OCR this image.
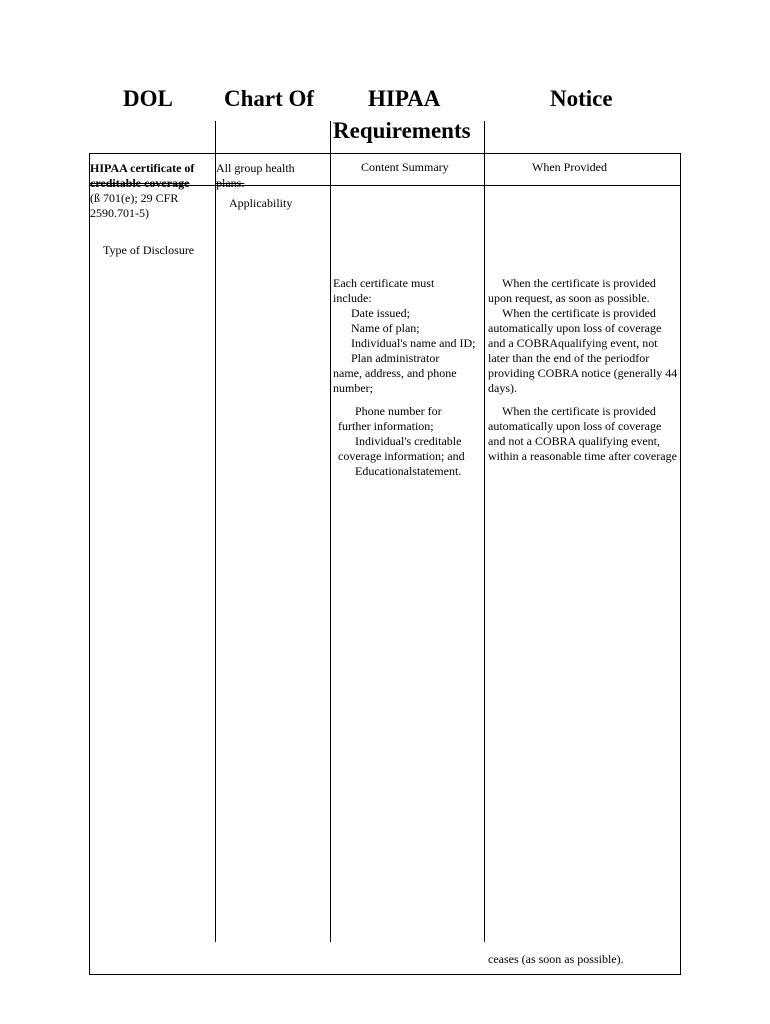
DOL Chart Of HIPAA
Requirements
Notice
HIPAA certificate of
creditable coverage
(ß 701(e); 29 CFR
2590.701-5)
Type of Disclosure
All group health
plans.
Applicability
Content Summary
Each certificate must
include:
Date issued;
Name of plan;
Individual's name and ID;
Plan administrator
name, address, and phone
number;
Phone number for
further information;
Individual's creditable
coverage information; and
Educationalstatement.
When Provided
When the certificate is provided
upon request, as soon as possible.
When the certificate is provided
automatically upon loss of coverage
and a COBRAqualifying event, not
later than the end of the periodfor
providing COBRA notice (generally 44
days).
When the certificate is provided
automatically upon loss of coverage
and not a COBRA qualifying event,
within a reasonable time after coverage
ceases (as soon as possible).
